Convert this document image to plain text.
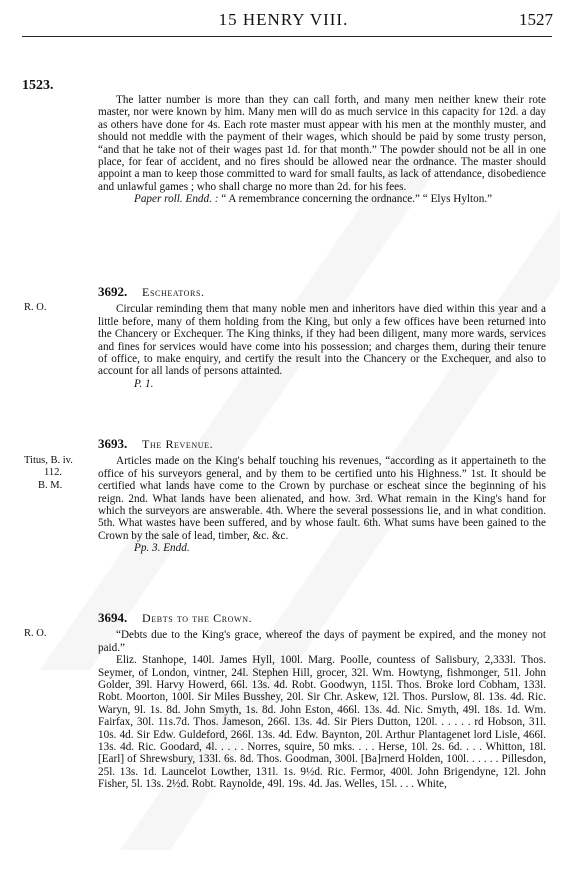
15 HENRY VIII.	1527
1523.

The latter number is more than they can call forth, and many men neither knew their rote master, nor were known by him. Many men will do as much service in this capacity for 12d. a day as others have done for 4s. Each rote master must appear with his men at the monthly muster, and should not meddle with the payment of their wages, which should be paid by some trusty person, “and that he take not of their wages past 1d. for that month.” The powder should not be all in one place, for fear of accident, and no fires should be allowed near the ordnance. The master should appoint a man to keep those committed to ward for small faults, as lack of attendance, disobedience and unlawful games ; who shall charge no more than 2d. for his fees.

Paper roll. Endd. : “ A remembrance concerning the ordnance.” “ Elys Hylton.”

R. O.
3692. Escheators.

Circular reminding them that many noble men and inheritors have died within this year and a little before, many of them holding from the King, but only a few offices have been returned into the Chancery or Exchequer. The King thinks, if they had been diligent, many more wards, services and fines for services would have come into his possession; and charges them, during their tenure of office, to make enquiry, and certify the result into the Chancery or the Exchequer, and also to account for all lands of persons attainted.

P. 1.

Titus, B. iv.
112.
B. M.
3693. The Revenue.

Articles made on the King's behalf touching his revenues, “according as it appertaineth to the office of his surveyors general, and by them to be certified unto his Highness.” 1st. It should be certified what lands have come to the Crown by purchase or escheat since the beginning of his reign. 2nd. What lands have been alienated, and how. 3rd. What remain in the King's hand for which the surveyors are answerable. 4th. Where the several possessions lie, and in what condition. 5th. What wastes have been suffered, and by whose fault. 6th. What sums have been gained to the Crown by the sale of lead, timber, &c. &c.

Pp. 3. Endd.

R. O.
3694. Debts to the Crown.

“Debts due to the King's grace, whereof the days of payment be expired, and the money not paid.”

Eliz. Stanhope, 140l. James Hyll, 100l. Marg. Poolle, countess of Salisbury, 2,333l. Thos. Seymer, of London, vintner, 24l. Stephen Hill, grocer, 32l. Wm. Howtyng, fishmonger, 51l. John Golder, 39l. Harvy Howerd, 66l. 13s. 4d. Robt. Goodwyn, 115l. Thos. Broke lord Cobham, 133l. Robt. Moorton, 100l. Sir Miles Busshey, 20l. Sir Chr. Askew, 12l. Thos. Purslow, 8l. 13s. 4d. Ric. Waryn, 9l. 1s. 8d. John Smyth, 1s. 8d. John Eston, 466l. 13s. 4d. Nic. Smyth, 49l. 18s. 1d. Wm. Fairfax, 30l. 11s.7d. Thos. Jameson, 266l. 13s. 4d. Sir Piers Dutton, 120l. . . . . . rd Hobson, 31l. 10s. 4d. Sir Edw. Guldeford, 266l. 13s. 4d. Edw. Baynton, 20l. Arthur Plantagenet lord Lisle, 466l. 13s. 4d. Ric. Goodard, 4l. . . . . Norres, squire, 50 mks. . . . Herse, 10l. 2s. 6d. . . . Whitton, 18l. [Earl] of Shrewsbury, 133l. 6s. 8d. Thos. Goodman, 300l. [Ba]rnerd Holden, 100l. . . . . . Pillesdon, 25l. 13s. 1d. Launcelot Lowther, 131l. 1s. 9½d. Ric. Fermor, 400l. John Brigendyne, 12l. John Fisher, 5l. 13s. 2½d. Robt. Raynolde, 49l. 19s. 4d. Jas. Welles, 15l. . . . White,
